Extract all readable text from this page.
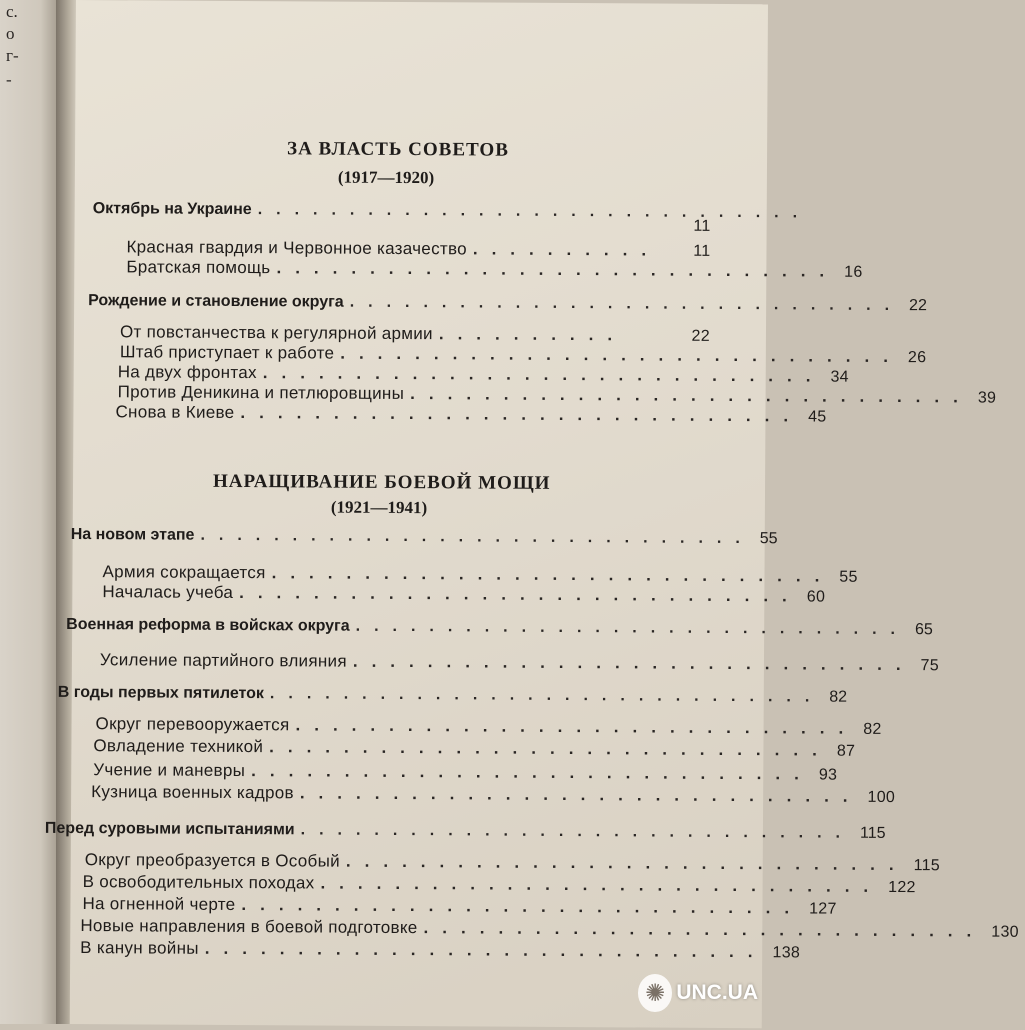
с.
о
г-
-
ЗА ВЛАСТЬ СОВЕТОВ
(1917—1920)
Октябрь на Украине ..............................
11
Красная гвардия и Червонное казачество ..........	11
Братская помощь .............................. 16
Рождение и становление округа .............................. 22
От повстанчества к регулярной армии ..........	22
Штаб приступает к работе .............................. 26
На двух фронтах .............................. 34
Против Деникина и петлюровщины .............................. 39
Снова в Киеве .............................. 45
НАРАЩИВАНИЕ БОЕВОЙ МОЩИ
(1921—1941)
На новом этапе .............................. 55
Армия сокращается .............................. 55
Началась учеба .............................. 60
Военная реформа в войсках округа .............................. 65
Усиление партийного влияния .............................. 75
В годы первых пятилеток .............................. 82
Округ перевооружается .............................. 82
Овладение техникой .............................. 87
Учение и маневры .............................. 93
Кузница военных кадров .............................. 100
Перед суровыми испытаниями .............................. 115
Округ преобразуется в Особый .............................. 115
В освободительных походах .............................. 122
На огненной черте .............................. 127
Новые направления в боевой подготовке .............................. 130
В канун войны .............................. 138
✺ UNC.UA
